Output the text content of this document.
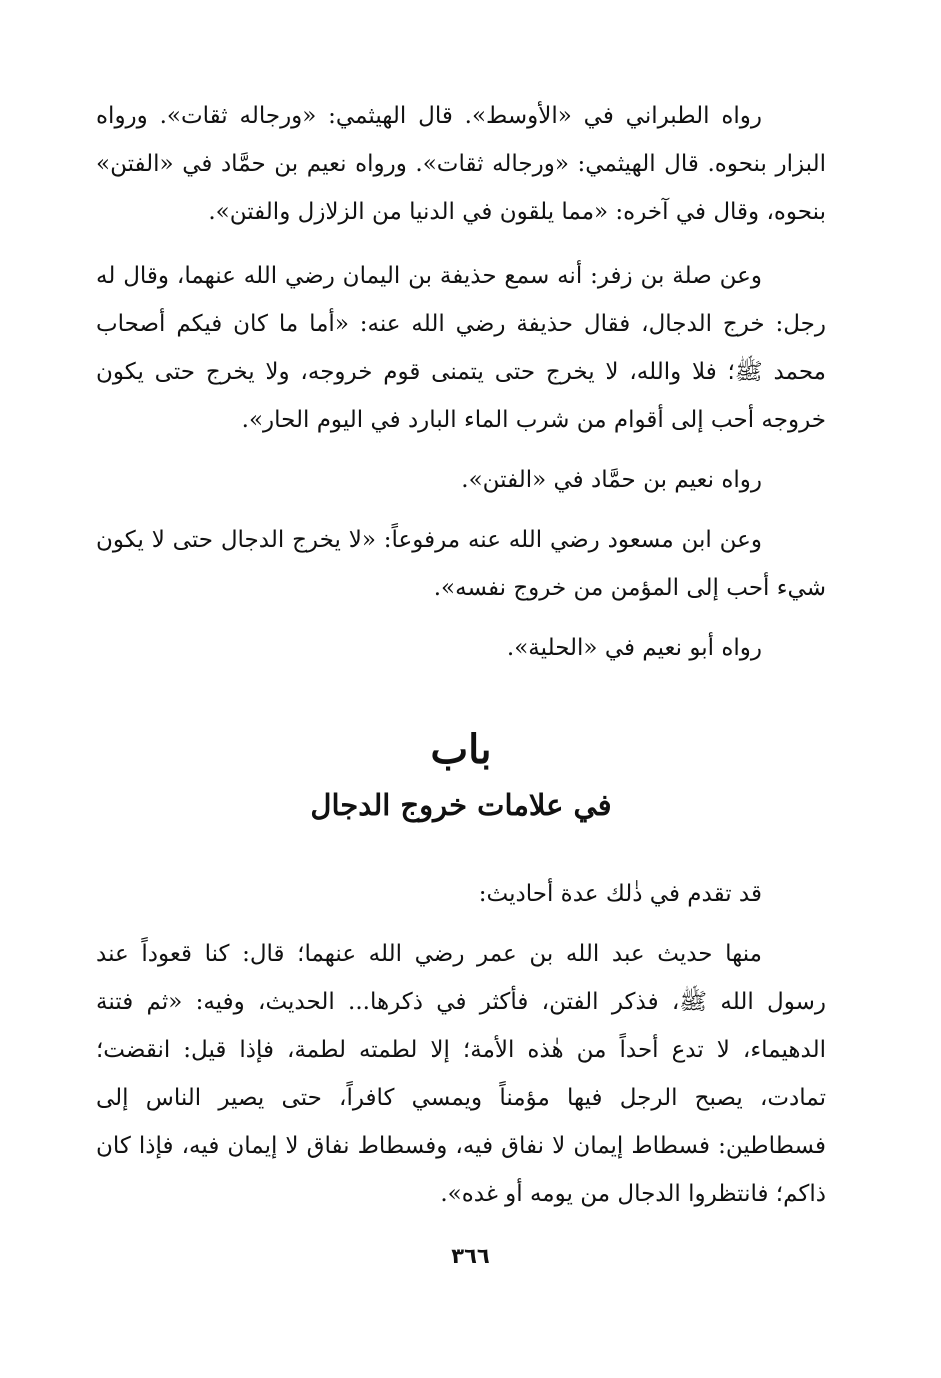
رواه الطبراني في «الأوسط». قال الهيثمي: «ورجاله ثقات». ورواه البزار بنحوه. قال الهيثمي: «ورجاله ثقات». ورواه نعيم بن حمَّاد في «الفتن» بنحوه، وقال في آخره: «مما يلقون في الدنيا من الزلازل والفتن».

وعن صلة بن زفر: أنه سمع حذيفة بن اليمان رضي الله عنهما، وقال له رجل: خرج الدجال، فقال حذيفة رضي الله عنه: «أما ما كان فيكم أصحاب محمد ﷺ؛ فلا والله، لا يخرج حتى يتمنى قوم خروجه، ولا يخرج حتى يكون خروجه أحب إلى أقوام من شرب الماء البارد في اليوم الحار».

رواه نعيم بن حمَّاد في «الفتن».

وعن ابن مسعود رضي الله عنه مرفوعاً: «لا يخرج الدجال حتى لا يكون شيء أحب إلى المؤمن من خروج نفسه».

رواه أبو نعيم في «الحلية».

باب
في علامات خروج الدجال

قد تقدم في ذٰلك عدة أحاديث:

منها حديث عبد الله بن عمر رضي الله عنهما؛ قال: كنا قعوداً عند رسول الله ﷺ، فذكر الفتن، فأكثر في ذكرها... الحديث، وفيه: «ثم فتنة الدهيماء، لا تدع أحداً من هٰذه الأمة؛ إلا لطمته لطمة، فإذا قيل: انقضت؛ تمادت، يصبح الرجل فيها مؤمناً ويمسي كافراً، حتى يصير الناس إلى فسطاطين: فسطاط إيمان لا نفاق فيه، وفسطاط نفاق لا إيمان فيه، فإذا كان ذاكم؛ فانتظروا الدجال من يومه أو غده».

٣٦٦
